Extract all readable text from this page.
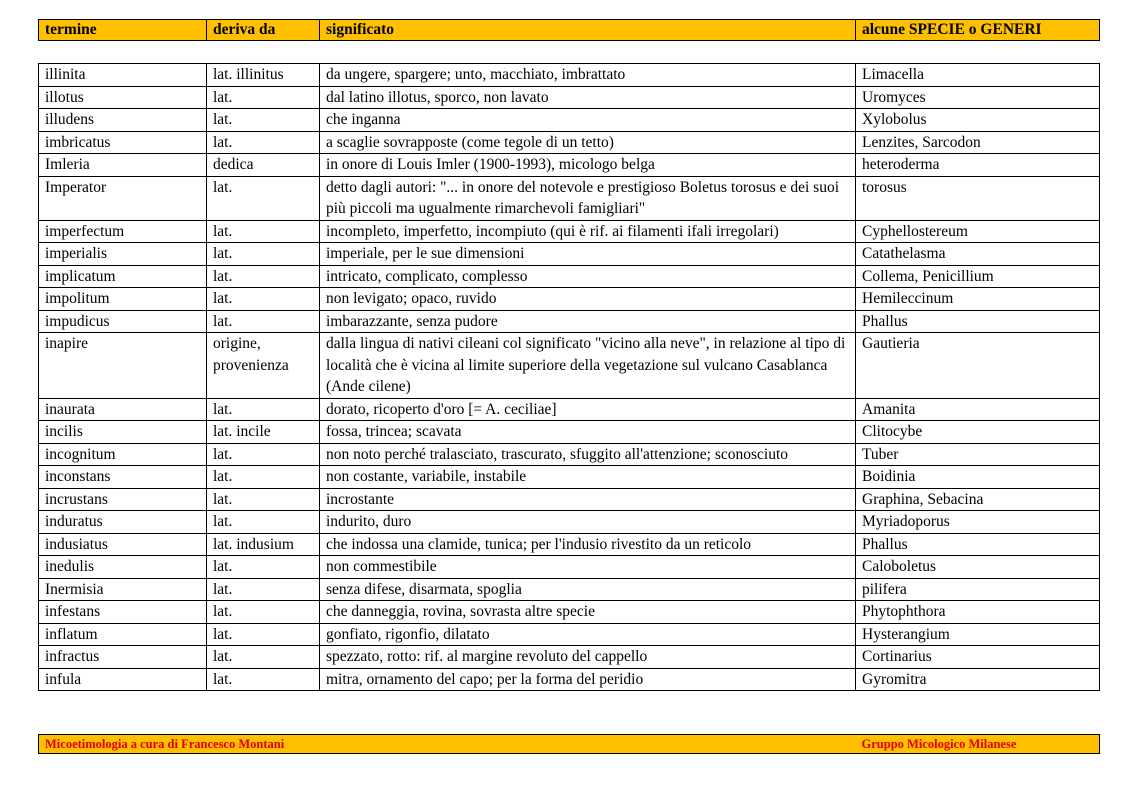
termine	deriva da	significato	alcune SPECIE o GENERI
illinita	lat. illinitus	da ungere, spargere; unto, macchiato, imbrattato	Limacella
illotus	lat.	dal latino illotus, sporco, non lavato	Uromyces
illudens	lat.	che inganna	Xylobolus
imbricatus	lat.	a scaglie sovrapposte (come tegole di un tetto)	Lenzites, Sarcodon
Imleria	dedica	in onore di Louis Imler (1900-1993), micologo belga	heteroderma
Imperator	lat.	detto dagli autori: "... in onore del notevole e prestigioso Boletus torosus e dei suoi più piccoli ma ugualmente rimarchevoli famigliari"	torosus
imperfectum	lat.	incompleto, imperfetto, incompiuto (qui è rif. ai filamenti ifali irregolari)	Cyphellostereum
imperialis	lat.	imperiale, per le sue dimensioni	Catathelasma
implicatum	lat.	intricato, complicato, complesso	Collema, Penicillium
impolitum	lat.	non levigato; opaco, ruvido	Hemileccinum
impudicus	lat.	imbarazzante, senza pudore	Phallus
inapire	origine, provenienza	dalla lingua di nativi cileani col significato "vicino alla neve", in relazione al tipo di località che è vicina al limite superiore della vegetazione sul vulcano Casablanca (Ande cilene)	Gautieria
inaurata	lat.	dorato, ricoperto d'oro [= A. ceciliae]	Amanita
incilis	lat. incile	fossa, trincea; scavata	Clitocybe
incognitum	lat.	non noto perché tralasciato, trascurato, sfuggito all'attenzione; sconosciuto	Tuber
inconstans	lat.	non costante, variabile, instabile	Boidinia
incrustans	lat.	incrostante	Graphina, Sebacina
induratus	lat.	indurito, duro	Myriadoporus
indusiatus	lat. indusium	che indossa una clamide, tunica; per l'indusio rivestito da un reticolo	Phallus
inedulis	lat.	non commestibile	Caloboletus
Inermisia	lat.	senza difese, disarmata, spoglia	pilifera
infestans	lat.	che danneggia, rovina, sovrasta altre specie	Phytophthora
inflatum	lat.	gonfiato, rigonfio, dilatato	Hysterangium
infractus	lat.	spezzato, rotto: rif. al margine revoluto del cappello	Cortinarius
infula	lat.	mitra, ornamento del capo; per la forma del peridio	Gyromitra
Micoetimologia a cura di Francesco Montani	Gruppo Micologico Milanese
